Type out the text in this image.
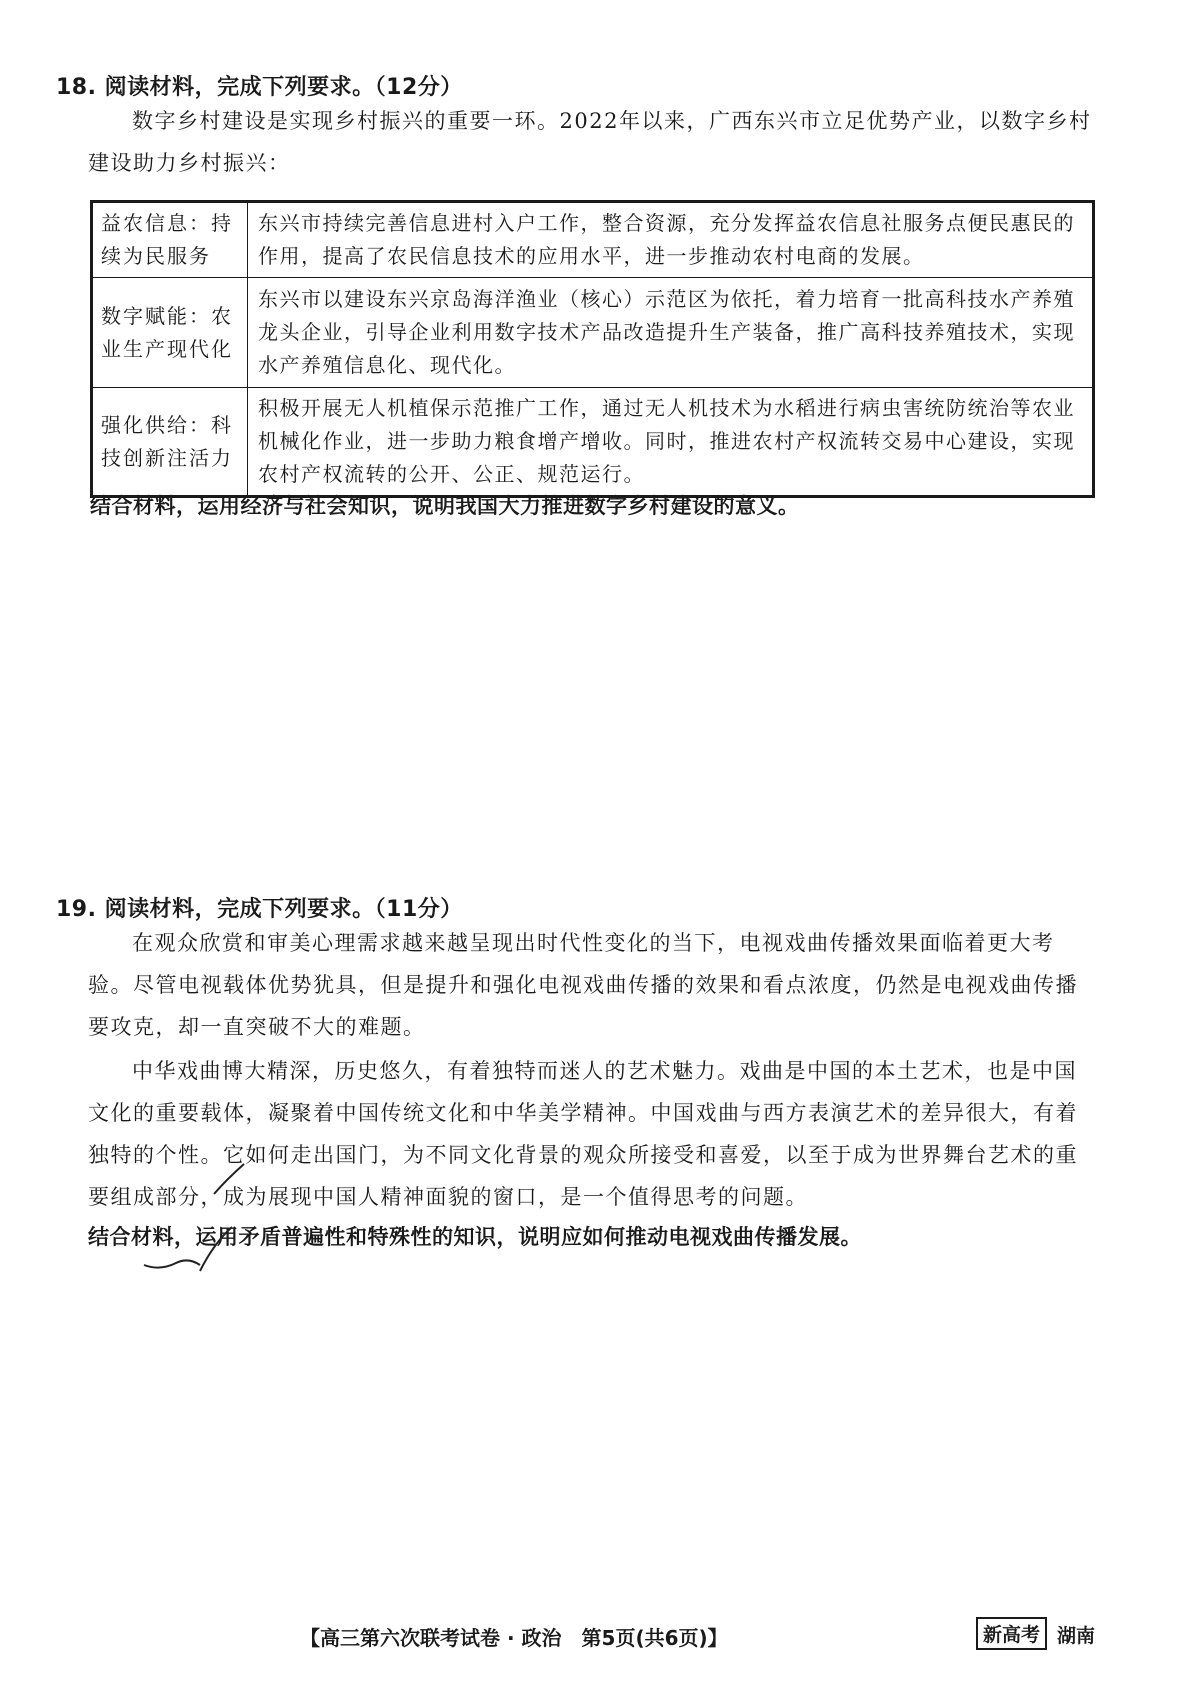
18. 阅读材料，完成下列要求。（12分）
数字乡村建设是实现乡村振兴的重要一环。2022年以来，广西东兴市立足优势产业，以数字乡村建设助力乡村振兴：
益农信息：持续为民服务	东兴市持续完善信息进村入户工作，整合资源，充分发挥益农信息社服务点便民惠民的作用，提高了农民信息技术的应用水平，进一步推动农村电商的发展。
数字赋能：农业生产现代化	东兴市以建设东兴京岛海洋渔业（核心）示范区为依托，着力培育一批高科技水产养殖龙头企业，引导企业利用数字技术产品改造提升生产装备，推广高科技养殖技术，实现水产养殖信息化、现代化。
强化供给：科技创新注活力	积极开展无人机植保示范推广工作，通过无人机技术为水稻进行病虫害统防统治等农业机械化作业，进一步助力粮食增产增收。同时，推进农村产权流转交易中心建设，实现农村产权流转的公开、公正、规范运行。
结合材料，运用经济与社会知识，说明我国大力推进数字乡村建设的意义。
19. 阅读材料，完成下列要求。（11分）
在观众欣赏和审美心理需求越来越呈现出时代性变化的当下，电视戏曲传播效果面临着更大考验。尽管电视载体优势犹具，但是提升和强化电视戏曲传播的效果和看点浓度，仍然是电视戏曲传播要攻克，却一直突破不大的难题。
中华戏曲博大精深，历史悠久，有着独特而迷人的艺术魅力。戏曲是中国的本土艺术，也是中国文化的重要载体，凝聚着中国传统文化和中华美学精神。中国戏曲与西方表演艺术的差异很大，有着独特的个性。它如何走出国门，为不同文化背景的观众所接受和喜爱，以至于成为世界舞台艺术的重要组成部分，成为展现中国人精神面貌的窗口，是一个值得思考的问题。
结合材料，运用矛盾普遍性和特殊性的知识，说明应如何推动电视戏曲传播发展。
【高三第六次联考试卷 · 政治　第5页(共6页)】	新高考 湖南
